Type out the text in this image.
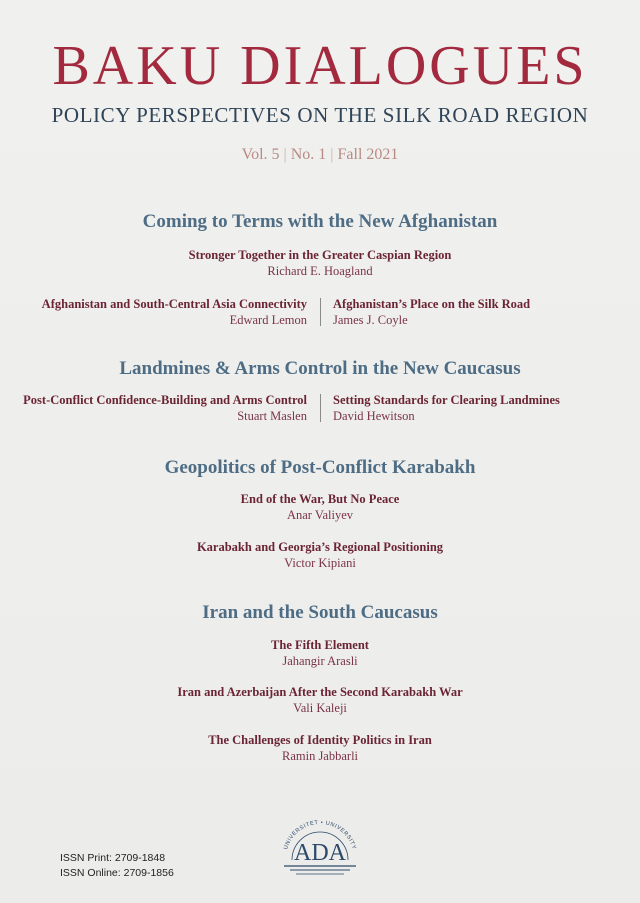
BAKU DIALOGUES
POLICY PERSPECTIVES ON THE SILK ROAD REGION
Vol. 5 | No. 1 | Fall 2021
Coming to Terms with the New Afghanistan
Stronger Together in the Greater Caspian Region
Richard E. Hoagland
Afghanistan and South-Central Asia Connectivity
Edward Lemon
Afghanistan’s Place on the Silk Road
James J. Coyle
Landmines & Arms Control in the New Caucasus
Post-Conflict Confidence-Building and Arms Control
Stuart Maslen
Setting Standards for Clearing Landmines
David Hewitson
Geopolitics of Post-Conflict Karabakh
End of the War, But No Peace
Anar Valiyev
Karabakh and Georgia’s Regional Positioning
Victor Kipiani
Iran and the South Caucasus
The Fifth Element
Jahangir Arasli
Iran and Azerbaijan After the Second Karabakh War
Vali Kaleji
The Challenges of Identity Politics in Iran
Ramin Jabbarli
ISSN Print: 2709-1848
ISSN Online: 2709-1856
UNIVERSITET • UNIVERSITY
ADA
